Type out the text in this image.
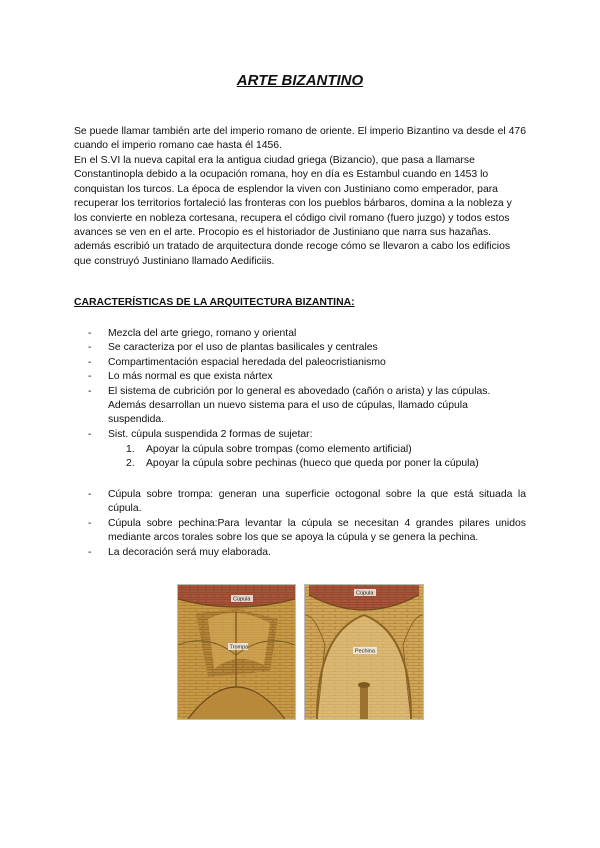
ARTE BIZANTINO
Se puede llamar también arte del imperio romano de oriente. El imperio Bizantino va desde el 476 cuando el imperio romano cae hasta él 1456.
En el S.VI la nueva capital era la antigua ciudad griega (Bizancio), que pasa a llamarse Constantinopla debido a la ocupación romana, hoy en día es Estambul cuando en 1453 lo conquistan los turcos. La época de esplendor la viven con Justiniano como emperador, para recuperar los territorios fortaleció las fronteras con los pueblos bárbaros, domina a la nobleza y los convierte en nobleza cortesana, recupera el código civil romano (fuero juzgo) y todos estos avances se ven en el arte. Procopio es el historiador de Justiniano que narra sus hazañas. además escribió un tratado de arquitectura donde recoge cómo se llevaron a cabo los edificios que construyó Justiniano llamado Aedificiis.
CARACTERÍSTICAS DE LA ARQUITECTURA BIZANTINA:
- Mezcla del arte griego, romano y oriental
- Se caracteriza por el uso de plantas basilicales y centrales
- Compartimentación espacial heredada del paleocristianismo
- Lo más normal es que exista nártex
- El sistema de cubrición por lo general es abovedado (cañón o arista) y las cúpulas. Además desarrollan un nuevo sistema para el uso de cúpulas, llamado cúpula suspendida.
- Sist. cúpula suspendida 2 formas de sujetar:
1. Apoyar la cúpula sobre trompas (como elemento artificial)
2. Apoyar la cúpula sobre pechinas (hueco que queda por poner la cúpula)
- Cúpula sobre trompa: generan una superficie octogonal sobre la que está situada la cúpula.
- Cúpula sobre pechina:Para levantar la cúpula se necesitan 4 grandes pilares unidos mediante arcos torales sobre los que se apoya la cúpula y se genera la pechina.
- La decoración será muy elaborada.
Cúpula
Trompa
Cúpula
Pechina
